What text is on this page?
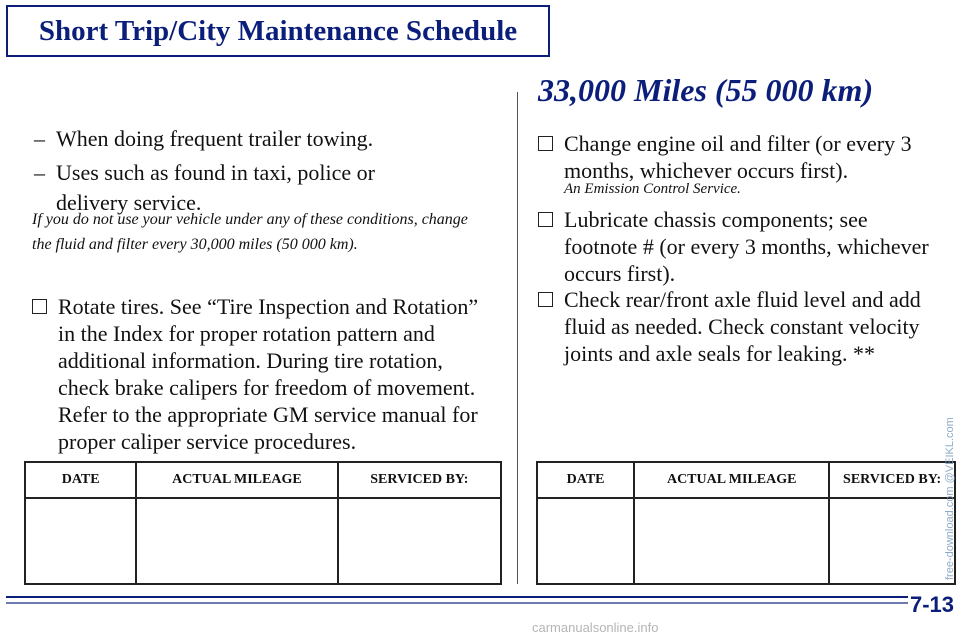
Short Trip/City Maintenance Schedule
– When doing frequent trailer towing.
– Uses such as found in taxi, police or delivery service.
If you do not use your vehicle under any of these conditions, change the fluid and filter every 30,000 miles (50 000 km).
Rotate tires. See “Tire Inspection and Rotation” in the Index for proper rotation pattern and additional information. During tire rotation, check brake calipers for freedom of movement. Refer to the appropriate GM service manual for proper caliper service procedures.
DATE	ACTUAL MILEAGE	SERVICED BY:

33,000 Miles (55 000 km)
Change engine oil and filter (or every 3 months, whichever occurs first).
An Emission Control Service.
Lubricate chassis components; see footnote # (or every 3 months, whichever occurs first).
Check rear/front axle fluid level and add fluid as needed. Check constant velocity joints and axle seals for leaking. **
DATE	ACTUAL MILEAGE	SERVICED BY:

7-13
free-download.com @VEIKL.com
carmanualsonline.info
